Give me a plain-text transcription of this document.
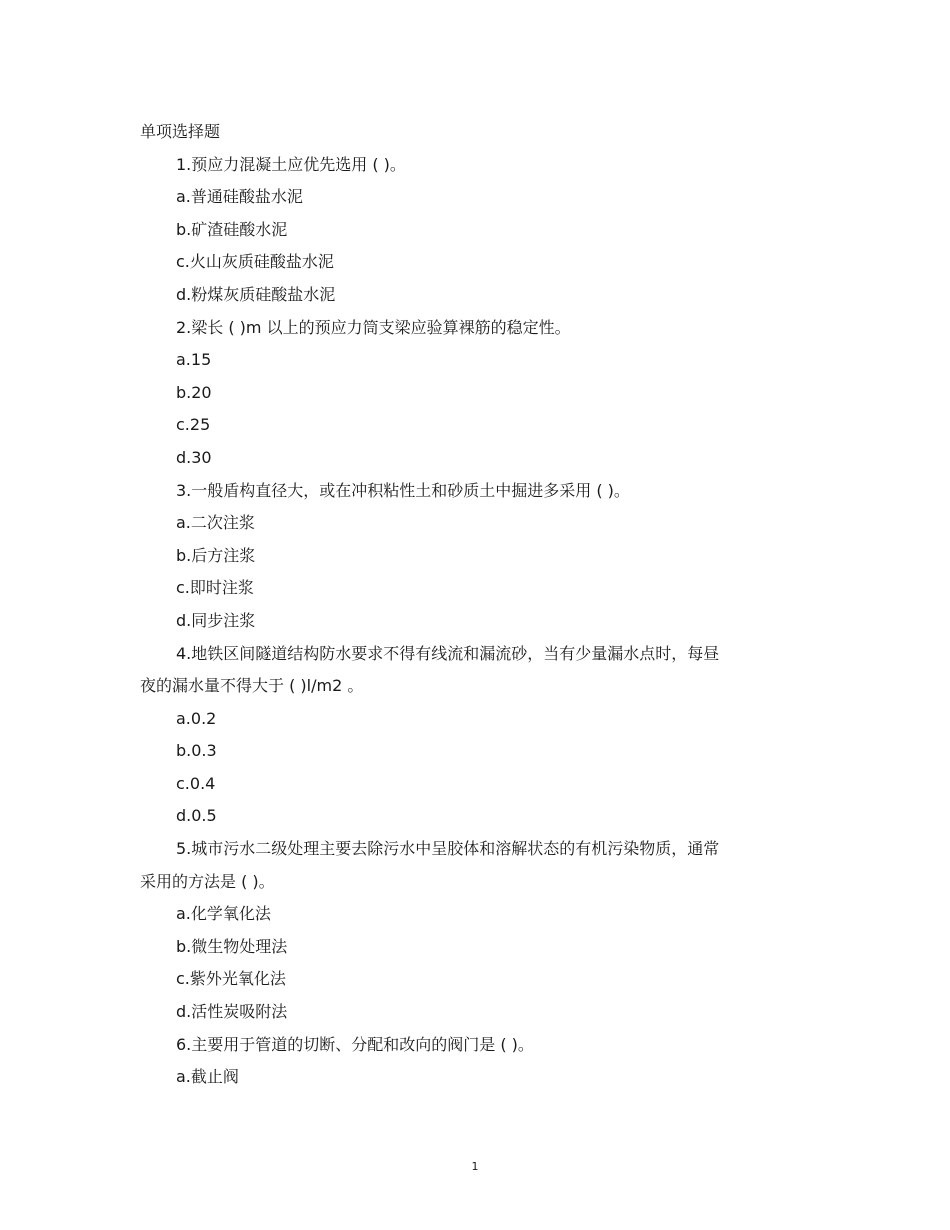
单项选择题
1.预应力混凝土应优先选用 ( )。
a.普通硅酸盐水泥
b.矿渣硅酸水泥
c.火山灰质硅酸盐水泥
d.粉煤灰质硅酸盐水泥
2.梁长 ( )m 以上的预应力筒支梁应验算裸筋的稳定性。
a.15
b.20
c.25
d.30
3.一般盾构直径大，或在冲积粘性土和砂质土中掘进多采用 ( )。
a.二次注浆
b.后方注浆
c.即时注浆
d.同步注浆
4.地铁区间隧道结构防水要求不得有线流和漏流砂，当有少量漏水点时，每昼
夜的漏水量不得大于 ( )l/m2 。
a.0.2
b.0.3
c.0.4
d.0.5
5.城市污水二级处理主要去除污水中呈胶体和溶解状态的有机污染物质，通常
采用的方法是 ( )。
a.化学氧化法
b.微生物处理法
c.紫外光氧化法
d.活性炭吸附法
6.主要用于管道的切断、分配和改向的阀门是 ( )。
a.截止阀
1
